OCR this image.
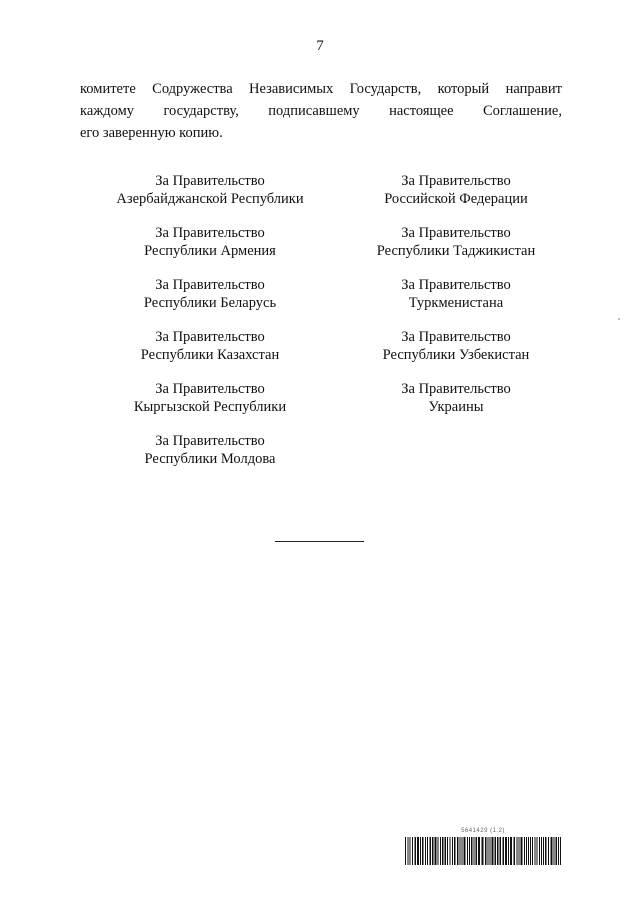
7
комитете Содружества Независимых Государств, который направит
каждому государству, подписавшему настоящее Соглашение,
его заверенную копию.
За Правительство
Азербайджанской Республики
За Правительство
Республики Армения
За Правительство
Республики Беларусь
За Правительство
Республики Казахстан
За Правительство
Кыргызской Республики
За Правительство
Республики Молдова
За Правительство
Российской Федерации
За Правительство
Республики Таджикистан
За Правительство
Туркменистана
За Правительство
Республики Узбекистан
За Правительство
Украины
5641429 (1.2)
